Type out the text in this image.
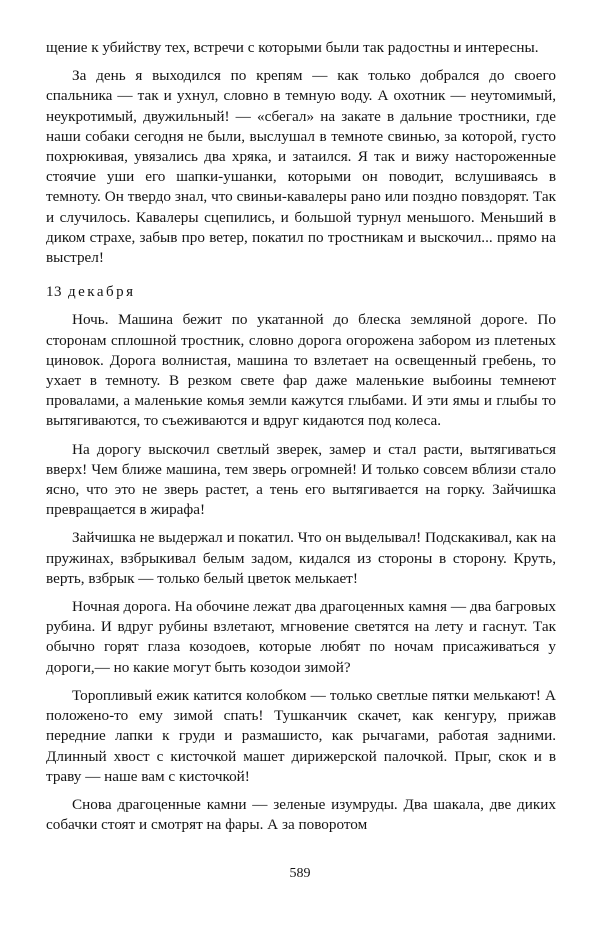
щение к убийству тех, встречи с которыми были так радостны и интересны.

За день я выходился по крепям — как только добрался до своего спальника — так и ухнул, словно в темную воду. А охотник — неутомимый, неукротимый, двужильный! — «сбегал» на закате в дальние тростники, где наши собаки сегодня не были, выслушал в темноте свинью, за которой, густо похрюкивая, увязались два хряка, и затаился. Я так и вижу настороженные стоячие уши его шапки-ушанки, которыми он поводит, вслушиваясь в темноту. Он твердо знал, что свиньи-кавалеры рано или поздно повздорят. Так и случилось. Кавалеры сцепились, и большой турнул меньшого. Меньший в диком страхе, забыв про ветер, покатил по тростникам и выскочил... прямо на выстрел!

13 декабря

Ночь. Машина бежит по укатанной до блеска земляной дороге. По сторонам сплошной тростник, словно дорога огорожена забором из плетеных циновок. Дорога волнистая, машина то взлетает на освещенный гребень, то ухает в темноту. В резком свете фар даже маленькие выбоины темнеют провалами, а маленькие комья земли кажутся глыбами. И эти ямы и глыбы то вытягиваются, то съеживаются и вдруг кидаются под колеса.

На дорогу выскочил светлый зверек, замер и стал расти, вытягиваться вверх! Чем ближе машина, тем зверь огромней! И только совсем вблизи стало ясно, что это не зверь растет, а тень его вытягивается на горку. Зайчишка превращается в жирафа!

Зайчишка не выдержал и покатил. Что он выделывал! Подскакивал, как на пружинах, взбрыкивал белым задом, кидался из стороны в сторону. Круть, верть, взбрык — только белый цветок мелькает!

Ночная дорога. На обочине лежат два драгоценных камня — два багровых рубина. И вдруг рубины взлетают, мгновение светятся на лету и гаснут. Так обычно горят глаза козодоев, которые любят по ночам присаживаться у дороги,— но какие могут быть козодои зимой?

Торопливый ежик катится колобком — только светлые пятки мелькают! А положено-то ему зимой спать! Тушканчик скачет, как кенгуру, прижав передние лапки к груди и размашисто, как рычагами, работая задними. Длинный хвост с кисточкой машет дирижерской палочкой. Прыг, скок и в траву — наше вам с кисточкой!

Снова драгоценные камни — зеленые изумруды. Два шакала, две диких собачки стоят и смотрят на фары. А за поворотом

589
